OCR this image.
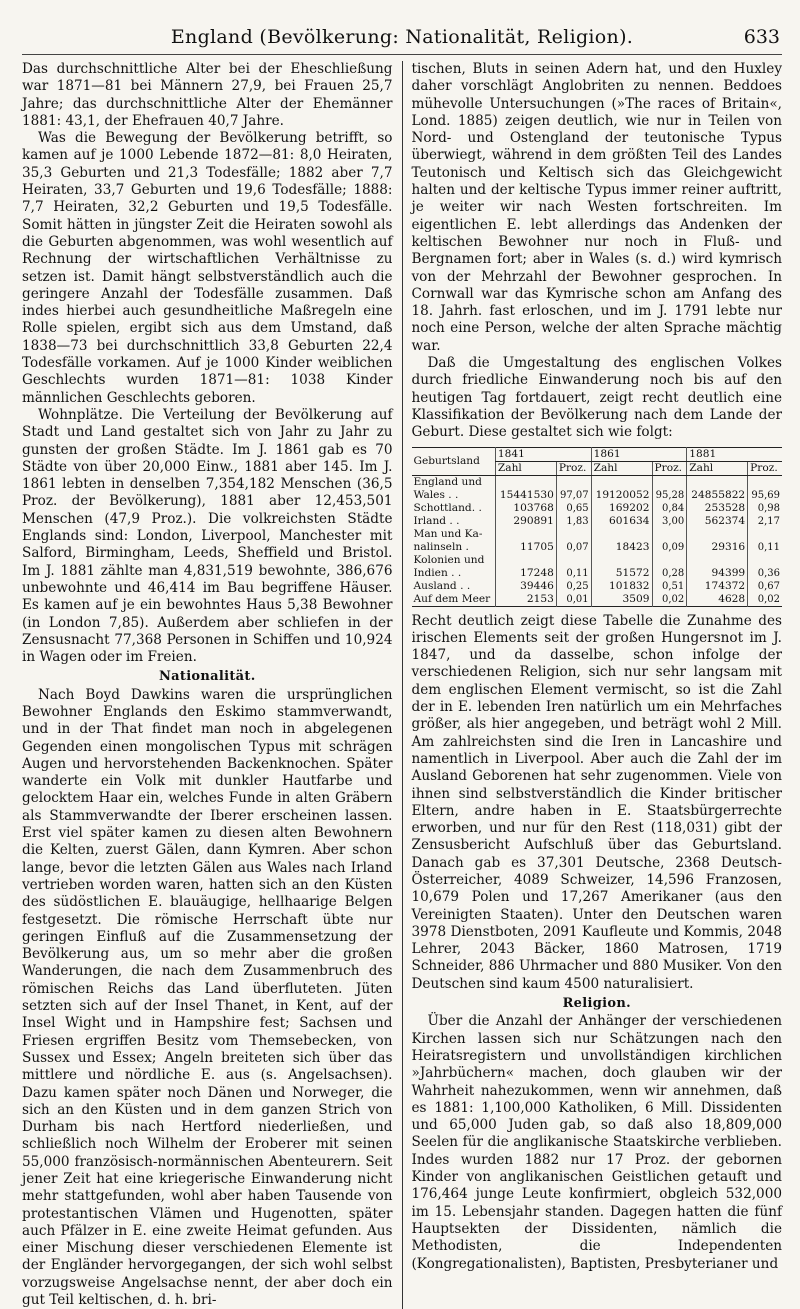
England (Bevölkerung: Nationalität, Religion).	633

Das durchschnittliche Alter bei der Eheschließung war 1871—81 bei Männern 27,9, bei Frauen 25,7 Jahre; das durchschnittliche Alter der Ehemänner 1881: 43,1, der Ehefrauen 40,7 Jahre.

Was die Bewegung der Bevölkerung betrifft, so kamen auf je 1000 Lebende 1872—81: 8,0 Heiraten, 35,3 Geburten und 21,3 Todesfälle; 1882 aber 7,7 Heiraten, 33,7 Geburten und 19,6 Todesfälle; 1888: 7,7 Heiraten, 32,2 Geburten und 19,5 Todesfälle. Somit hätten in jüngster Zeit die Heiraten sowohl als die Geburten abgenommen, was wohl wesentlich auf Rechnung der wirtschaftlichen Verhältnisse zu setzen ist. Damit hängt selbstverständlich auch die geringere Anzahl der Todesfälle zusammen. Daß indes hierbei auch gesundheitliche Maßregeln eine Rolle spielen, ergibt sich aus dem Umstand, daß 1838—73 bei durchschnittlich 33,8 Geburten 22,4 Todesfälle vorkamen. Auf je 1000 Kinder weiblichen Geschlechts wurden 1871—81: 1038 Kinder männlichen Geschlechts geboren.

Wohnplätze. Die Verteilung der Bevölkerung auf Stadt und Land gestaltet sich von Jahr zu Jahr zu gunsten der großen Städte. Im J. 1861 gab es 70 Städte von über 20,000 Einw., 1881 aber 145. Im J. 1861 lebten in denselben 7,354,182 Menschen (36,5 Proz. der Bevölkerung), 1881 aber 12,453,501 Menschen (47,9 Proz.). Die volkreichsten Städte Englands sind: London, Liverpool, Manchester mit Salford, Birmingham, Leeds, Sheffield und Bristol. Im J. 1881 zählte man 4,831,519 bewohnte, 386,676 unbewohnte und 46,414 im Bau begriffene Häuser. Es kamen auf je ein bewohntes Haus 5,38 Bewohner (in London 7,85). Außerdem aber schliefen in der Zensusnacht 77,368 Personen in Schiffen und 10,924 in Wagen oder im Freien.

Nationalität.

Nach Boyd Dawkins waren die ursprünglichen Bewohner Englands den Eskimo stammverwandt, und in der That findet man noch in abgelegenen Gegenden einen mongolischen Typus mit schrägen Augen und hervorstehenden Backenknochen. Später wanderte ein Volk mit dunkler Hautfarbe und gelocktem Haar ein, welches Funde in alten Gräbern als Stammverwandte der Iberer erscheinen lassen. Erst viel später kamen zu diesen alten Bewohnern die Kelten, zuerst Gälen, dann Kymren. Aber schon lange, bevor die letzten Gälen aus Wales nach Irland vertrieben worden waren, hatten sich an den Küsten des südöstlichen E. blauäugige, hellhaarige Belgen festgesetzt. Die römische Herrschaft übte nur geringen Einfluß auf die Zusammensetzung der Bevölkerung aus, um so mehr aber die großen Wanderungen, die nach dem Zusammenbruch des römischen Reichs das Land überfluteten. Jüten setzten sich auf der Insel Thanet, in Kent, auf der Insel Wight und in Hampshire fest; Sachsen und Friesen ergriffen Besitz vom Themsebecken, von Sussex und Essex; Angeln breiteten sich über das mittlere und nördliche E. aus (s. Angelsachsen). Dazu kamen später noch Dänen und Norweger, die sich an den Küsten und in dem ganzen Strich von Durham bis nach Hertford niederließen, und schließlich noch Wilhelm der Eroberer mit seinen 55,000 französisch-normännischen Abenteurern. Seit jener Zeit hat eine kriegerische Einwanderung nicht mehr stattgefunden, wohl aber haben Tausende von protestantischen Vlämen und Hugenotten, später auch Pfälzer in E. eine zweite Heimat gefunden. Aus einer Mischung dieser verschiedenen Elemente ist der Engländer hervorgegangen, der sich wohl selbst vorzugsweise Angelsachse nennt, der aber doch ein gut Teil keltischen, d. h. bri-

tischen, Bluts in seinen Adern hat, und den Huxley daher vorschlägt Anglobriten zu nennen. Beddoes mühevolle Untersuchungen (»The races of Britain«, Lond. 1885) zeigen deutlich, wie nur in Teilen von Nord- und Ostengland der teutonische Typus überwiegt, während in dem größten Teil des Landes Teutonisch und Keltisch sich das Gleichgewicht halten und der keltische Typus immer reiner auftritt, je weiter wir nach Westen fortschreiten. Im eigentlichen E. lebt allerdings das Andenken der keltischen Bewohner nur noch in Fluß- und Bergnamen fort; aber in Wales (s. d.) wird kymrisch von der Mehrzahl der Bewohner gesprochen. In Cornwall war das Kymrische schon am Anfang des 18. Jahrh. fast erloschen, und im J. 1791 lebte nur noch eine Person, welche der alten Sprache mächtig war.

Daß die Umgestaltung des englischen Volkes durch friedliche Einwanderung noch bis auf den heutigen Tag fortdauert, zeigt recht deutlich eine Klassifikation der Bevölkerung nach dem Lande der Geburt. Diese gestaltet sich wie folgt:

Geburtsland	1841		1861		1881	
	Zahl	Proz.	Zahl	Proz.	Zahl	Proz.
England und						
Wales . .	15441530	97,07	19120052	95,28	24855822	95,69
Schottland. .	103768	0,65	169202	0,84	253528	0,98
Irland . .	290891	1,83	601634	3,00	562374	2,17
Man und Ka-						
nalinseln .	11705	0,07	18423	0,09	29316	0,11
Kolonien und						
Indien . .	17248	0,11	51572	0,28	94399	0,36
Ausland . .	39446	0,25	101832	0,51	174372	0,67
Auf dem Meer	2153	0,01	3509	0,02	4628	0,02

Recht deutlich zeigt diese Tabelle die Zunahme des irischen Elements seit der großen Hungersnot im J. 1847, und da dasselbe, schon infolge der verschiedenen Religion, sich nur sehr langsam mit dem englischen Element vermischt, so ist die Zahl der in E. lebenden Iren natürlich um ein Mehrfaches größer, als hier angegeben, und beträgt wohl 2 Mill. Am zahlreichsten sind die Iren in Lancashire und namentlich in Liverpool. Aber auch die Zahl der im Ausland Geborenen hat sehr zugenommen. Viele von ihnen sind selbstverständlich die Kinder britischer Eltern, andre haben in E. Staatsbürgerrechte erworben, und nur für den Rest (118,031) gibt der Zensusbericht Aufschluß über das Geburtsland. Danach gab es 37,301 Deutsche, 2368 Deutsch-Österreicher, 4089 Schweizer, 14,596 Franzosen, 10,679 Polen und 17,267 Amerikaner (aus den Vereinigten Staaten). Unter den Deutschen waren 3978 Dienstboten, 2091 Kaufleute und Kommis, 2048 Lehrer, 2043 Bäcker, 1860 Matrosen, 1719 Schneider, 886 Uhrmacher und 880 Musiker. Von den Deutschen sind kaum 4500 naturalisiert.

Religion.

Über die Anzahl der Anhänger der verschiedenen Kirchen lassen sich nur Schätzungen nach den Heiratsregistern und unvollständigen kirchlichen »Jahrbüchern« machen, doch glauben wir der Wahrheit nahezukommen, wenn wir annehmen, daß es 1881: 1,100,000 Katholiken, 6 Mill. Dissidenten und 65,000 Juden gab, so daß also 18,809,000 Seelen für die anglikanische Staatskirche verblieben. Indes wurden 1882 nur 17 Proz. der gebornen Kinder von anglikanischen Geistlichen getauft und 176,464 junge Leute konfirmiert, obgleich 532,000 im 15. Lebensjahr standen. Dagegen hatten die fünf Hauptsekten der Dissidenten, nämlich die Methodisten, die Independenten (Kongregationalisten), Baptisten, Presbyterianer und
